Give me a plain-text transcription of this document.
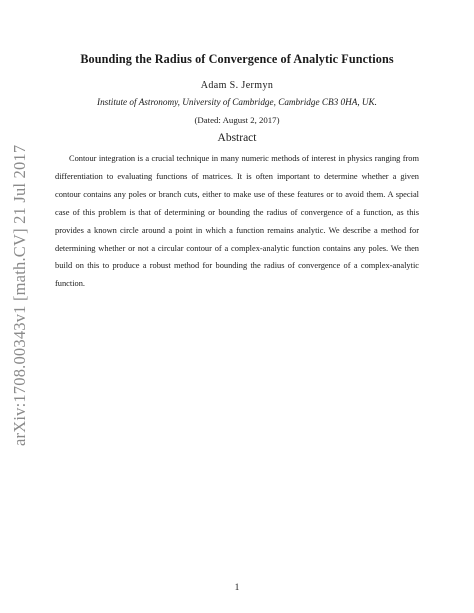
arXiv:1708.00343v1 [math.CV] 21 Jul 2017
Bounding the Radius of Convergence of Analytic Functions
Adam S. Jermyn
Institute of Astronomy, University of Cambridge, Cambridge CB3 0HA, UK.
(Dated: August 2, 2017)
Abstract

Contour integration is a crucial technique in many numeric methods of interest in physics ranging from differentiation to evaluating functions of matrices. It is often important to determine whether a given contour contains any poles or branch cuts, either to make use of these features or to avoid them. A special case of this problem is that of determining or bounding the radius of convergence of a function, as this provides a known circle around a point in which a function remains analytic. We describe a method for determining whether or not a circular contour of a complex-analytic function contains any poles. We then build on this to produce a robust method for bounding the radius of convergence of a complex-analytic function.

1
